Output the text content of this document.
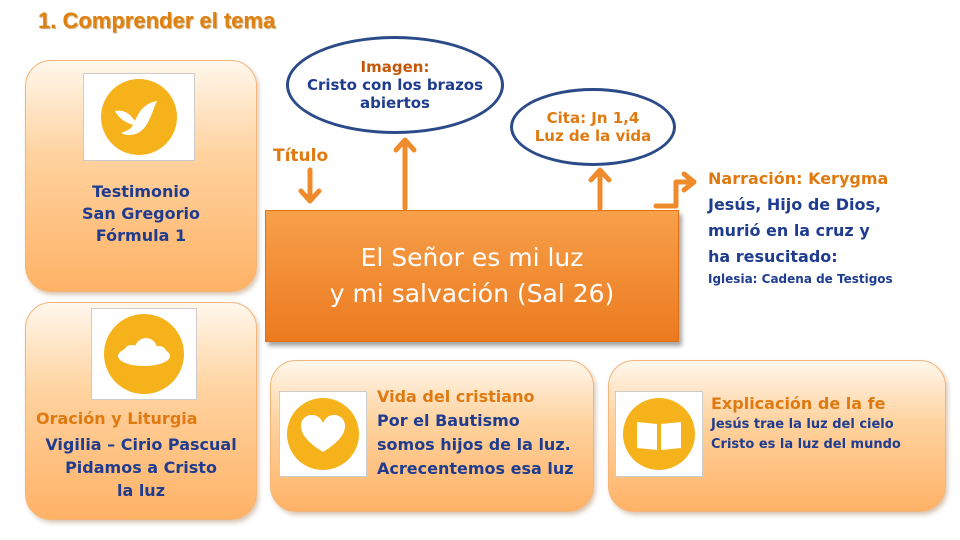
1. Comprender el tema
El Señor es mi luz
y mi salvación (Sal 26)
Título
Imagen:
Cristo con los brazos
abiertos
Cita: Jn 1,4
Luz de la vida
Narración: Kerygma
Jesús, Hijo de Dios,
murió en la cruz y
ha resucitado:
Iglesia: Cadena de Testigos
Testimonio
San Gregorio
Fórmula 1
Oración y Liturgia
Vigilia – Cirio Pascual
Pidamos a Cristo
la luz
Vida del cristiano
Por el Bautismo
somos hijos de la luz.
Acrecentemos esa luz
Explicación de la fe
Jesús trae la luz del cielo
Cristo es la luz del mundo
